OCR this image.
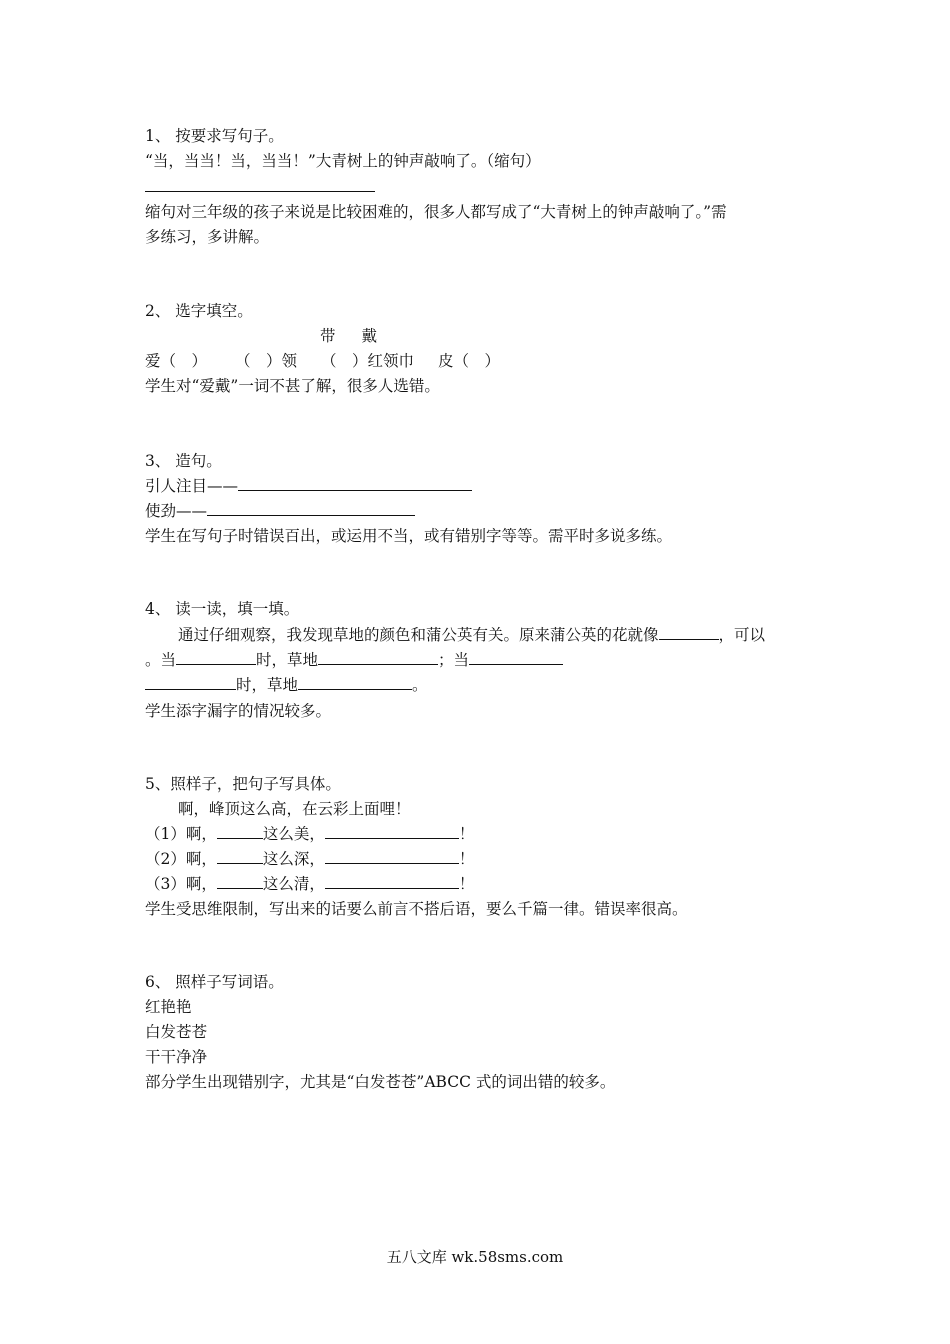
1、 按要求写句子。
“当，当当！当，当当！”大青树上的钟声敲响了。（缩句）
缩句对三年级的孩子来说是比较困难的，很多人都写成了“大青树上的钟声敲响了。”需
多练习，多讲解。
2、 选字填空。
带 戴
爱（　） （　）领 （　）红领巾 皮（　）
学生对“爱戴”一词不甚了解，很多人选错。
3、 造句。
引人注目——
使劲——
学生在写句子时错误百出，或运用不当，或有错别字等等。需平时多说多练。
4、 读一读，填一填。
通过仔细观察，我发现草地的颜色和蒲公英有关。原来蒲公英的花就像	，可以
。当	时，草地	；当
时，草地	。
学生添字漏字的情况较多。
5、照样子，把句子写具体。
啊，峰顶这么高，在云彩上面哩！
（1）啊，	这么美，	！
（2）啊，	这么深，	！
（3）啊，	这么清，	！
学生受思维限制，写出来的话要么前言不搭后语，要么千篇一律。错误率很高。
6、 照样子写词语。
红艳艳
白发苍苍
干干净净
部分学生出现错别字，尤其是“白发苍苍”ABCC 式的词出错的较多。
五八文库 wk.58sms.com
